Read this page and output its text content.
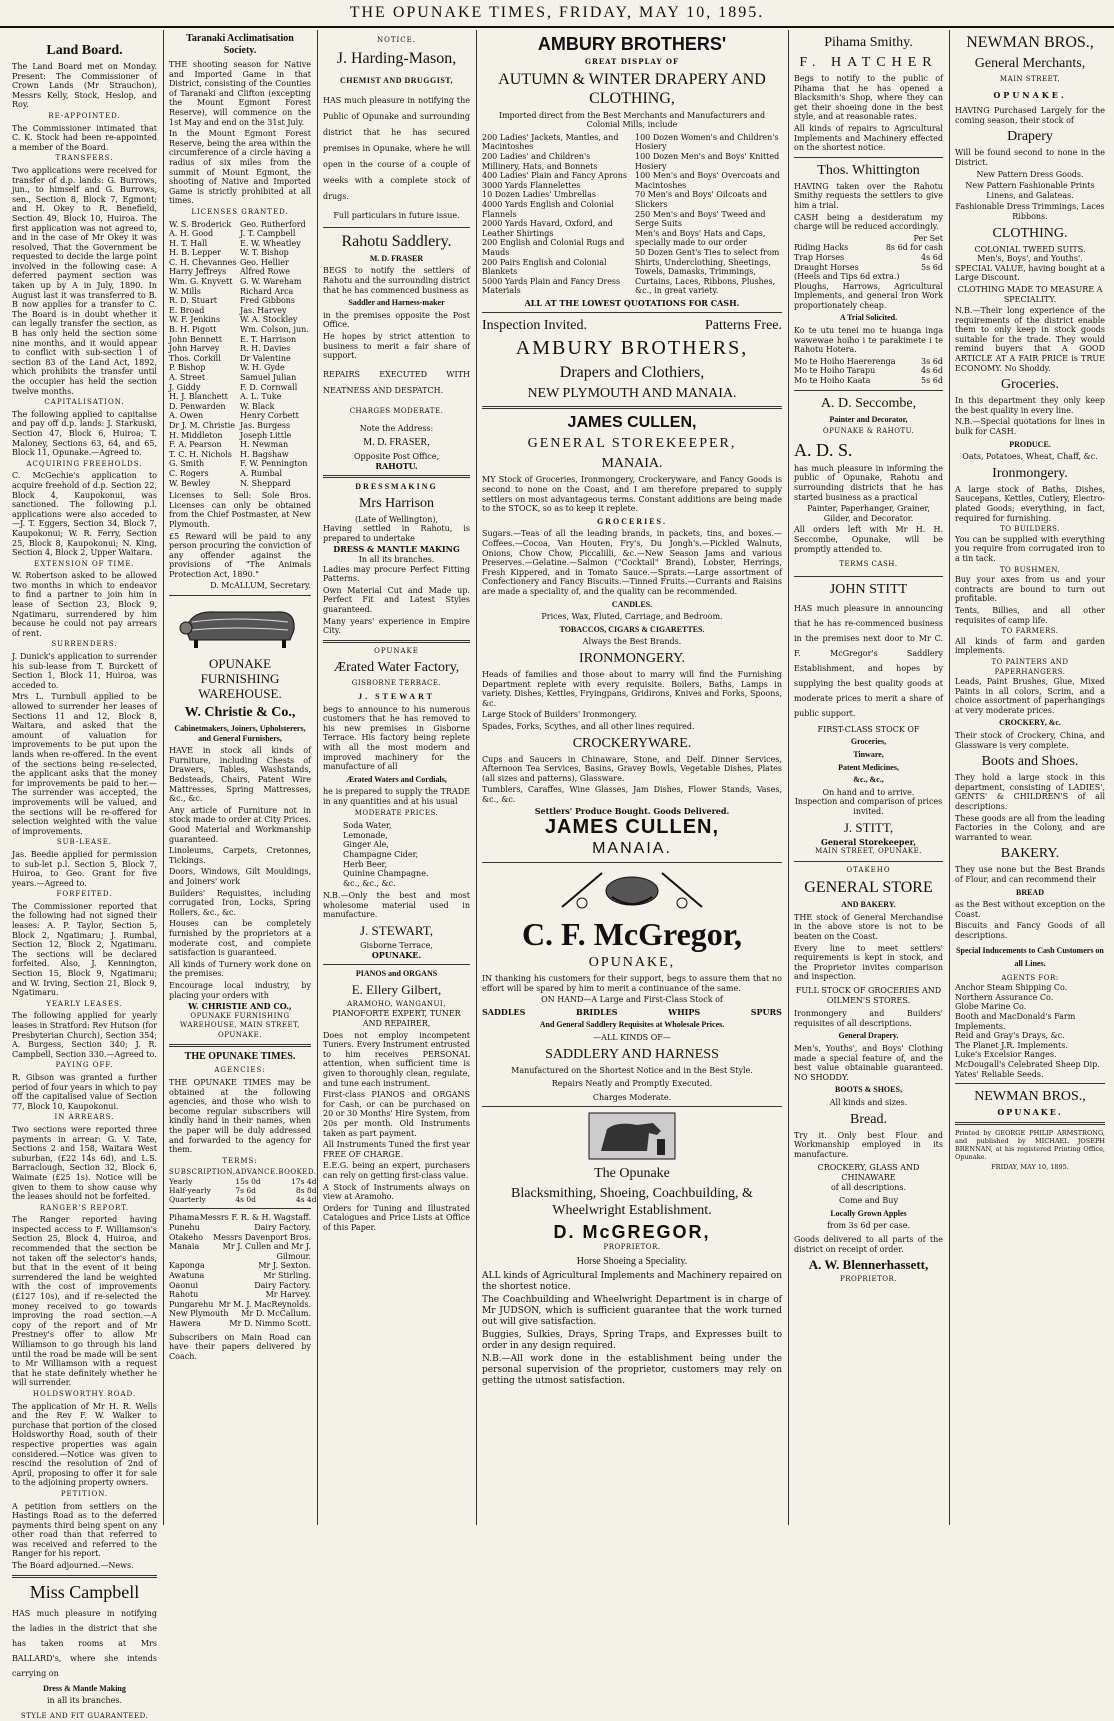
THE OPUNAKE TIMES, FRIDAY, MAY 10, 1895.
Land Board.

The Land Board met on Monday. Present: The Commissioner of Crown Lands (Mr Strauchon), Messrs Kelly, Stock, Heslop, and Roy.

RE-APPOINTED.

The Commissioner intimated that C. K. Stock had been re-appointed a member of the Board.

TRANSFERS.

Two applications were received for transfer of d.p. lands: G. Burrows, jun., to himself and G. Burrows, sen., Section 8, Block 7, Egmont; and H. Okey to R. Benefield, Section 49, Block 10, Huiroa. The first application was not agreed to, and in the case of Mr Okey it was resolved, That the Government be requested to decide the large point involved in the following case: A deferred payment section was taken up by A in July, 1890. In August last it was transferred to B. B now applies for a transfer to C. The Board is in doubt whether it can legally transfer the section, as B has only held the section some nine months, and it would appear to conflict with sub-section 1 of section 83 of the Land Act, 1892, which prohibits the transfer until the occupier has held the section twelve months.

CAPITALISATION.

The following applied to capitalise and pay off d.p. lands: J. Starkuski, Section 47, Block 6, Huiroa; T. Maloney, Sections 63, 64, and 65, Block 11, Opunake.—Agreed to.

ACQUIRING FREEHOLDS.

C. McGechie's application to acquire freehold of d.p. Section 22, Block 4, Kaupokonui, was sanctioned. The following p.l. applications were also acceded to—J. T. Eggers, Section 34, Block 7, Kaupokonui; W. R. Ferry, Section 25, Block 8, Kaupokonui; N. King, Section 4, Block 2, Upper Waitara.

EXTENSION OF TIME.

W. Robertson asked to be allowed two months in which to endeavor to find a partner to join him in lease of Section 23, Block 9, Ngatimaru, surrendered by him because he could not pay arrears of rent.

SURRENDERS.

J. Dunick's application to surrender his sub-lease from T. Burckett of Section 1, Block 11, Huiroa, was acceded to.

Mrs L. Turnbull applied to be allowed to surrender her leases of Sections 11 and 12, Block 8, Waitara, and asked that the amount of valuation for improvements to be put upon the lands when re-offered. In the event of the sections being re-selected, the applicant asks that the money for improvements be paid to her.—The surrender was accepted, the improvements will be valued, and the sections will be re-offered for selection weighted with the value of improvements.

SUB-LEASE.

Jas. Beedie applied for permission to sub-let p.l. Section 5, Block 7, Huiroa, to Geo. Grant for five years.—Agreed to.

FORFEITED.

The Commissioner reported that the following had not signed their leases: A. P. Taylor, Section 5, Block 2, Ngatimaru; J. Rumbal, Section 12, Block 2, Ngatimaru. The sections will be declared forfeited. Also, J. Kennington, Section 15, Block 9, Ngatimaru; and W. Irving, Section 21, Block 9, Ngatimaru.

YEARLY LEASES.

The following applied for yearly leases in Stratford: Rev Hutson (for Presbyterian Church), Section 354; A. Burgess, Section 340; J. R. Campbell, Section 330.—Agreed to.

PAYING OFF.

R. Gibson was granted a further period of four years in which to pay off the capitalised value of Section 77, Block 10, Kaupokonui.

IN ARREARS.

Two sections were reported three payments in arrear: G. V. Tate, Sections 2 and 158, Waitara West suburban, (£22 14s 6d), and L.S. Barraclough, Section 32, Block 6, Waimate (£25 1s). Notice will be given to them to show cause why the leases should not be forfeited.

RANGER'S REPORT.

The Ranger reported having inspected access to F. Williamson's Section 25, Block 4, Huiroa, and recommended that the section be not taken off the selector's hands, but that in the event of it being surrendered the land be weighted with the cost of improvements (£127 10s), and if re-selected the money received to go towards improving the road section.—A copy of the report and of Mr Prestney's offer to allow Mr Williamson to go through his land until the road be made will be sent to Mr Williamson with a request that he state definitely whether he will surrender.

HOLDSWORTHY ROAD.

The application of Mr H. R. Wells and the Rev F. W. Walker to purchase that portion of the closed Holdsworthy Road, south of their respective properties was again considered.—Notice was given to rescind the resolution of 2nd of April, proposing to offer it for sale to the adjoining property owners.

PETITION.

A petition from settlers on the Hastings Road as to the deferred payments third being spent on any other road than that referred to was received and referred to the Ranger for his report.

The Board adjourned.—News.

Miss Campbell

HAS much pleasure in notifying the ladies in the district that she has taken rooms at Mrs BALLARD's, where she intends carrying on

Dress & Mantle Making
in all its branches.
STYLE AND FIT GUARANTEED.
Taranaki Acclimatisation Society.

THE shooting season for Native and Imported Game in that District, consisting of the Counties of Taranaki and Clifton (excepting the Mount Egmont Forest Reserve), will commence on the 1st May and end on the 31st July.

In the Mount Egmont Forest Reserve, being the area within the circumference of a circle having a radius of six miles from the summit of Mount Egmont, the shooting of Native and Imported Game is strictly prohibited at all times.

LICENSES GRANTED.
W. S. Broderick	Geo. Rutherford
A. H. Good	J. T. Campbell
H. T. Hall	E. W. Wheatley
H. B. Lepper	W. T. Bishop
C. H. Chevannes Geo. Hellier
Harry Jeffreys	Alfred Rowe
Wm. G. Knyvett G. W. Wareham
W. Mills	Richard Arca
R. D. Stuart	Fred Gibbons
E. Broad	Jas. Harvey
W. F. Jenkins	W. A. Stockley
B. H. Pigott	Wm. Colson, jun.
John Bennett	E. T. Harrison
John Harvey	R. H. Davies
Thos. Corkill	Dr Valentine
P. Bishop	W. H. Gyde
A. Street	Samuel Julian
J. Giddy	F. D. Cornwall
H. J. Blanchett	A. L. Tuke
D. Penwarden	W. Black
A. Owen	Henry Corbett
Dr J. M. Christie Jas. Burgess
H. Middleton	Joseph Little
F. A. Pearson	H. Newman
T. C. H. Nichols	H. Bagshaw
G. Smith	F. W. Pennington
C. Rogers	A. Rumbal
W. Bewley	N. Sheppard

Licenses to Sell: Sole Bros. Licenses can only be obtained from the Chief Postmaster, at New Plymouth.

£5 Reward will be paid to any person procuring the conviction of any offender against the provisions of "The Animals Protection Act, 1890."

D. McALLUM, Secretary.
OPUNAKE FURNISHING WAREHOUSE.
W. Christie & Co.,
Cabinetmakers, Joiners, Upholsterers, and General Furnishers,

HAVE in stock all kinds of Furniture, including Chests of Drawers, Tables, Washstands, Bedsteads, Chairs, Patent Wire Mattresses, Spring Mattresses, &c., &c.

Any article of Furniture not in stock made to order at City Prices. Good Material and Workmanship guaranteed.

Linoleums, Carpets, Cretonnes, Tickings.

Doors, Windows, Gilt Mouldings, and Joiners' work

Builders' Requisites, including corrugated Iron, Locks, Spring Rollers, &c., &c.

Houses can be completely furnished by the proprietors at a moderate cost, and complete satisfaction is guaranteed.

All kinds of Turnery work done on the premises.

Encourage local industry, by placing your orders with

W. CHRISTIE AND CO.,
OPUNAKE FURNISHING WAREHOUSE, MAIN STREET, OPUNAKE.
THE OPUNAKE TIMES.
AGENCIES:

THE OPUNAKE TIMES may be obtained at the following agencies, and those who wish to become regular subscribers will kindly hand in their names, when the paper will be duly addressed and forwarded to the agency for them.

TERMS:
SUBSCRIPTION.	ADVANCE.	BOOKED.
Yearly	15s 0d	17s 4d
Half-yearly	7s 6d	8s 8d
Quarterly	4s 0d	4s 4d
Pihama Messrs F. R. & H. Wagstaff.
Punehu	Dairy Factory.
Otakeho	Messrs Davenport Bros.
Manaia	Mr J. Cullen and Mr J. Gilmour.
Kaponga	Mr J. Sexton.
Awatuna	Mr Stirling.
Oaonui	Dairy Factory.
Rahotu	Mr Harvey.
Pungarehu Mr M. J. MacReynolds.
New Plymouth	Mr D. McCallum.
Hawera	Mr D. Nimmo Scott.

Subscribers on Main Road can have their papers delivered by Coach.

NOTICE.
J. Harding-Mason,
CHEMIST AND DRUGGIST,

HAS much pleasure in notifying the Public of Opunake and surrounding district that he has secured premises in Opunake, where he will open in the course of a couple of weeks with a complete stock of drugs.

Full particulars in future issue.
Rahotu Saddlery.
M. D. FRASER

BEGS to notify the settlers of Rahotu and the surrounding district that he has commenced business as

Saddler and Harness-maker

in the premises opposite the Post Office.

He hopes by strict attention to business to merit a fair share of support.

REPAIRS EXECUTED WITH NEATNESS AND DESPATCH.

CHARGES MODERATE.
Note the Address:
M. D. FRASER,
Opposite Post Office,
RAHOTU.
DRESSMAKING
Mrs Harrison
(Late of Wellington),

Having settled in Rahotu, is prepared to undertake

DRESS & MANTLE MAKING
In all its branches.

Ladies may procure Perfect Fitting Patterns.

Own Material Cut and Made up. Perfect Fit and Latest Styles guaranteed.

Many years' experience in Empire City.

OPUNAKE
Ærated Water Factory,
GISBORNE TERRACE.
J. STEWART

begs to announce to his numerous customers that he has removed to his new premises in Gisborne Terrace. His factory being replete with all the most modern and improved machinery for the manufacture of all

Ærated Waters and Cordials,

he is prepared to supply the TRADE in any quantities and at his usual

MODERATE PRICES.
Soda Water,
Lemonade,
Ginger Ale,
Champagne Cider,
Herb Beer,
Quinine Champagne.
&c., &c., &c.

N.B.—Only the best and most wholesome material used in manufacture.

J. STEWART,
Gisborne Terrace,
OPUNAKE.
PIANOS and ORGANS
E. Ellery Gilbert,
ARAMOHO, WANGANUI,

PIANOFORTE EXPERT, TUNER AND REPAIRER,

Does not employ incompetent Tuners. Every Instrument entrusted to him receives PERSONAL attention, when sufficient time is given to thoroughly clean, regulate, and tune each instrument.

First-class PIANOS and ORGANS for Cash, or can be purchased on 20 or 30 Months' Hire System, from 20s per month. Old Instruments taken as part payment.

All Instruments Tuned the first year FREE OF CHARGE.

E.E.G. being an expert, purchasers can rely on getting first-class value.

A Stock of Instruments always on view at Aramoho.

Orders for Tuning and Illustrated Catalogues and Price Lists at Office of this Paper.

AMBURY BROTHERS'
GREAT DISPLAY OF
AUTUMN & WINTER DRAPERY AND CLOTHING,
Imported direct from the Best Merchants and Manufacturers and Colonial Mills, include
200 Ladies' Jackets, Mantles, and Macintoshes
200 Ladies' and Children's Millinery, Hats, and Bonnets
400 Ladies' Plain and Fancy Aprons
3000 Yards Flannelettes
10 Dozen Ladies' Umbrellas
4000 Yards English and Colonial Flannels
2000 Yards Havard, Oxford, and Leather Shirtings
200 English and Colonial Rugs and Mauds
200 Pairs English and Colonial Blankets
5000 Yards Plain and Fancy Dress Materials
100 Dozen Women's and Children's Hosiery
100 Dozen Men's and Boys' Knitted Hosiery
100 Men's and Boys' Overcoats and Macintoshes
70 Men's and Boys' Oilcoats and Slickers
250 Men's and Boys' Tweed and Serge Suits
Men's and Boys' Hats and Caps, specially made to our order
50 Dozen Gent's Ties to select from
Shirts, Underclothing, Sheetings, Towels, Damasks, Trimmings, Curtains, Laces, Ribbons, Plushes, &c., in great variety.
ALL AT THE LOWEST QUOTATIONS FOR CASH.
Inspection Invited.	Patterns Free.
AMBURY BROTHERS,
Drapers and Clothiers,
NEW PLYMOUTH AND MANAIA.
JAMES CULLEN,
GENERAL STOREKEEPER,
MANAIA.

MY Stock of Groceries, Ironmongery, Crockeryware, and Fancy Goods is second to none on the Coast, and I am therefore prepared to supply settlers on most advantageous terms. Constant additions are being made to the STOCK, so as to keep it replete.

GROCERIES.

Sugars.—Teas of all the leading brands, in packets, tins, and boxes.—Coffees.—Cocoa, Van Houten, Fry's, Du Jongh's.—Pickled Walnuts, Onions, Chow Chow, Piccalilli, &c.—New Season Jams and various Preserves.—Gelatine.—Salmon ("Cocktail" Brand), Lobster, Herrings, Fresh Kippered, and in Tomato Sauce.—Sprats.—Large assortment of Confectionery and Fancy Biscuits.—Tinned Fruits.—Currants and Raisins are made a speciality of, and the quality can be recommended.

CANDLES.
Prices, Wax, Fluted, Carriage, and Bedroom.
TOBACCOS, CIGARS & CIGARETTES.
Always the Best Brands.
IRONMONGERY.

Heads of families and those about to marry will find the Furnishing Department replete with every requisite. Boilers, Baths, Lamps in variety. Dishes, Kettles, Fryingpans, Gridirons, Knives and Forks, Spoons, &c.

Large Stock of Builders' Ironmongery.

Spades, Forks, Scythes, and all other lines required.

CROCKERYWARE.

Cups and Saucers in Chinaware, Stone, and Delf. Dinner Services, Afternoon Tea Services, Basins, Gravey Bowls, Vegetable Dishes, Plates (all sizes and patterns), Glassware.

Tumblers, Caraffes, Wine Glasses, Jam Dishes, Flower Stands, Vases, &c., &c.

Settlers' Produce Bought. Goods Delivered.
JAMES CULLEN,
MANAIA.
C. F. McGregor,
OPUNAKE,

IN thanking his customers for their support, begs to assure them that no effort will be spared by him to merit a continuance of the same.

ON HAND—A Large and First-Class Stock of
SADDLES	BRIDLES	WHIPS	SPURS
And General Saddlery Requisites at Wholesale Prices.
—ALL KINDS OF—
SADDLERY AND HARNESS
Manufactured on the Shortest Notice and in the Best Style.
Repairs Neatly and Promptly Executed.
Charges Moderate.
The Opunake
Blacksmithing, Shoeing, Coachbuilding, & Wheelwright Establishment.
D. McGREGOR,
PROPRIETOR.
Horse Shoeing a Speciality.

ALL kinds of Agricultural Implements and Machinery repaired on the shortest notice.

The Coachbuilding and Wheelwright Department is in charge of Mr JUDSON, which is sufficient guarantee that the work turned out will give satisfaction.

Buggies, Sulkies, Drays, Spring Traps, and Expresses built to order in any design required.

N.B.—All work done in the establishment being under the personal supervision of the proprietor, customers may rely on getting the utmost satisfaction.

Pihama Smithy.
F. HATCHER

Begs to notify to the public of Pihama that he has opened a Blacksmith's Shop, where they can get their shoeing done in the best style, and at reasonable rates.

All kinds of repairs to Agricultural Implements and Machinery effected on the shortest notice.

Thos. Whittington

HAVING taken over the Rahotu Smithy requests the settlers to give him a trial.

CASH being a desideratum my charge will be reduced accordingly.

Per Set
Riding Hacks	8s 6d for cash
Trap Horses	4s 6d
Draught Horses	5s 6d
(Heels and Tips 6d extra.)

Ploughs, Harrows, Agricultural Implements, and general Iron Work proportionately cheap.

A Trial Solicited.

Ko te utu tenei mo te huanga inga wawewae hoiho i te parakimete i te Rahotu Hotera.

Mo te Hoiho Haererenga	3s 6d
Mo te Hoiho Tarapu	4s 6d
Mo te Hoiho Kaata	5s 6d
A. D. Seccombe,
Painter and Decorator,
OPUNAKE & RAHOTU.
A. D. S.

has much pleasure in informing the public of Opunake, Rahotu and surrounding districts that he has started business as a practical

Painter, Paperhanger, Grainer, Gilder, and Decorator.

All orders left with Mr H. H. Seccombe, Opunake, will be promptly attended to.

TERMS CASH.
JOHN STITT

HAS much pleasure in announcing that he has re-commenced business in the premises next door to Mr C. F. McGregor's Saddlery Establishment, and hopes by supplying the best quality goods at moderate prices to merit a share of public support.

FIRST-CLASS STOCK OF
Groceries,
Tinware,
Patent Medicines,
&c., &c.,
On hand and to arrive.
Inspection and comparison of prices invited.
J. STITT,
General Storekeeper,
MAIN STREET, OPUNAKE.
OTAKEHO
GENERAL STORE
AND BAKERY.

THE stock of General Merchandise in the above store is not to be beaten on the Coast.

Every line to meet settlers' requirements is kept in stock, and the Proprietor invites comparison and inspection.

FULL STOCK OF GROCERIES AND OILMEN'S STORES.

Ironmongery and Builders' requisites of all descriptions.

General Drapery.

Men's, Youths', and Boys' Clothing made a special feature of, and the best value obtainable guaranteed. NO SHODDY.

BOOTS & SHOES,
All kinds and sizes.
Bread.

Try it. Only best Flour and Workmanship employed in its manufacture.

CROCKERY, GLASS AND CHINAWARE
of all descriptions.
Come and Buy
Locally Grown Apples
from 3s 6d per case.

Goods delivered to all parts of the district on receipt of order.

A. W. Blennerhassett,
PROPRIETOR.
NEWMAN BROS.,
General Merchants,
MAIN STREET,
OPUNAKE.

HAVING Purchased Largely for the coming season, their stock of

Drapery

Will be found second to none in the District.

New Pattern Dress Goods.

New Pattern Fashionable Prints Linens, and Galateas.

Fashionable Dress Trimmings, Laces Ribbons.

CLOTHING.
COLONIAL TWEED SUITS.
Men's, Boys', and Youths'.

SPECIAL VALUE, having bought at a Large Discount.

CLOTHING MADE TO MEASURE A SPECIALITY.

N.B.—Their long experience of the requirements of the district enable them to only keep in stock goods suitable for the trade. They would remind buyers that A GOOD ARTICLE AT A FAIR PRICE is TRUE ECONOMY. No Shoddy.

Groceries.

In this department they only keep the best quality in every line.

N.B.—Special quotations for lines in bulk for CASH.

PRODUCE.
Oats, Potatoes, Wheat, Chaff, &c.
Ironmongery.

A large stock of Baths, Dishes, Saucepans, Kettles, Cutlery, Electro-plated Goods; everything, in fact, required for furnishing.

TO BUILDERS.

You can be supplied with everything you require from corrugated iron to a tin tack.

TO BUSHMEN.

Buy your axes from us and your contracts are bound to turn out profitable.

Tents, Billies, and all other requisites of camp life.

TO FARMERS.

All kinds of farm and garden implements.

TO PAINTERS AND PAPERHANGERS.

Leads, Paint Brushes, Glue, Mixed Paints in all colors, Scrim, and a choice assortment of paperhangings at very moderate prices.

CROCKERY, &c.

Their stock of Crockery, China, and Glassware is very complete.

Boots and Shoes.

They hold a large stock in this department, consisting of LADIES', GENTS' & CHILDREN'S of all descriptions.

These goods are all from the leading Factories in the Colony, and are warranted to wear.

BAKERY.

They use none but the Best Brands of Flour, and can recommend their

BREAD

as the Best without exception on the Coast.

Biscuits and Fancy Goods of all descriptions.

Special Inducements to Cash Customers on all Lines.
AGENTS FOR:
Anchor Steam Shipping Co.
Northern Assurance Co.
Globe Marine Co.
Booth and MacDonald's Farm Implements.
Reid and Gray's Drays, &c.
The Planet J.R. Implements.
Luke's Excelsior Ranges.
McDougall's Celebrated Sheep Dip.
Yates' Reliable Seeds.
NEWMAN BROS.,
OPUNAKE.

Printed by GEORGE PHILIP ARMSTRONG, and published by MICHAEL JOSEPH BRENNAN, at his registered Printing Office, Opunake.

FRIDAY, MAY 10, 1895.
